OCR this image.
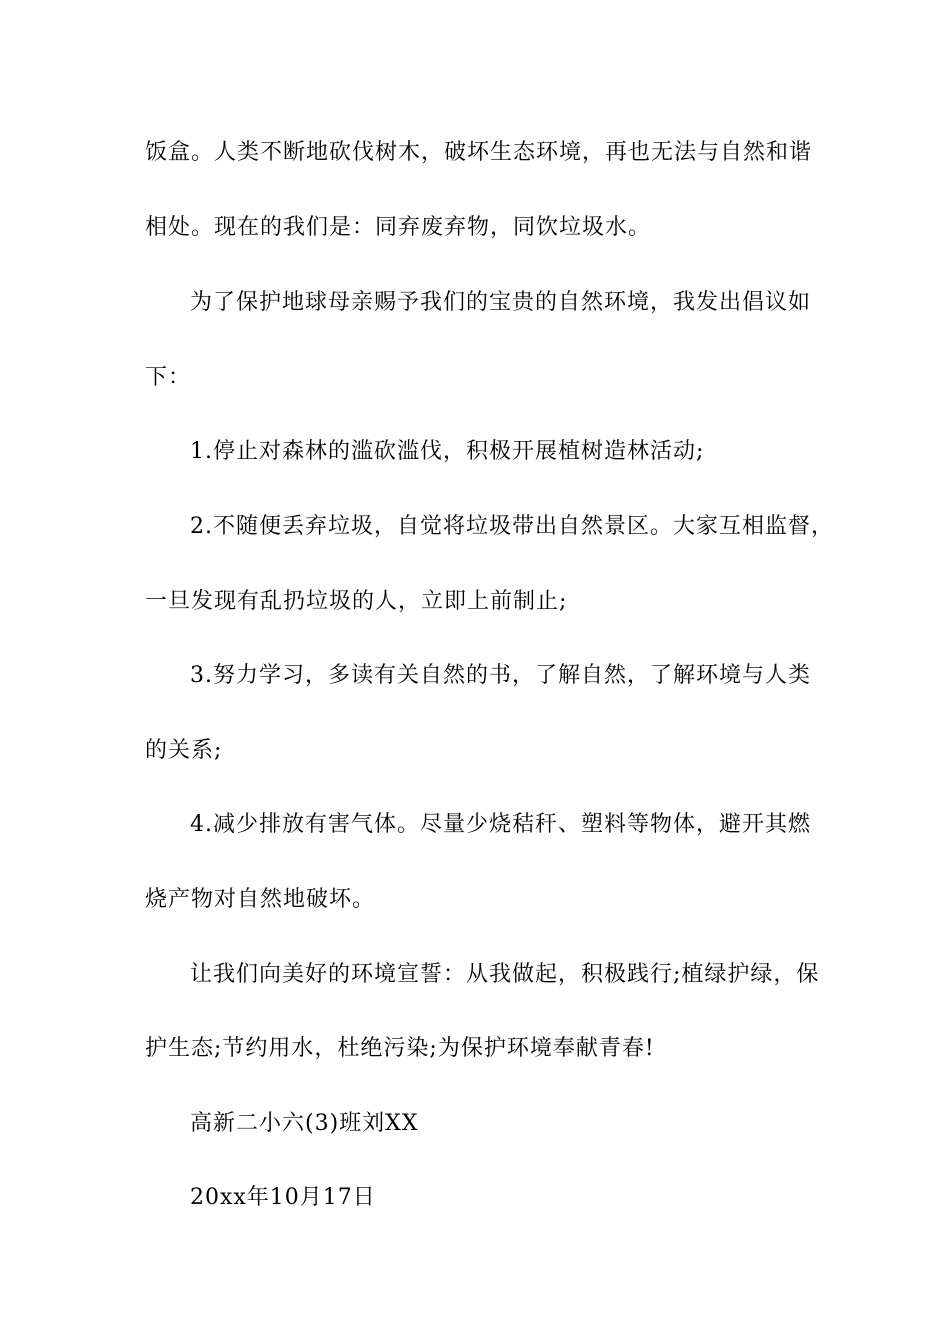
饭盒。人类不断地砍伐树木，破坏生态环境，再也无法与自然和谐
相处。现在的我们是：同弃废弃物，同饮垃圾水。
为了保护地球母亲赐予我们的宝贵的自然环境，我发出倡议如
下：
1.停止对森林的滥砍滥伐，积极开展植树造林活动;
2.不随便丢弃垃圾，自觉将垃圾带出自然景区。大家互相监督，
一旦发现有乱扔垃圾的人，立即上前制止;
3.努力学习，多读有关自然的书，了解自然，了解环境与人类
的关系;
4.减少排放有害气体。尽量少烧秸秆、塑料等物体，避开其燃
烧产物对自然地破坏。
让我们向美好的环境宣誓：从我做起，积极践行;植绿护绿，保
护生态;节约用水，杜绝污染;为保护环境奉献青春!
高新二小六(3)班刘XX
20xx年10月17日
